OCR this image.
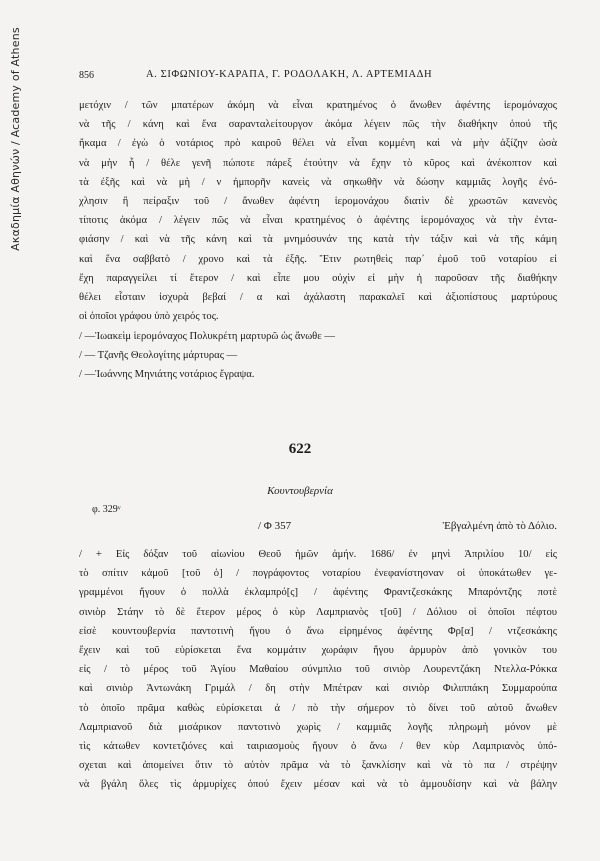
Ακαδημία Αθηνών / Academy of Athens	856	Α. ΣΙΦΩΝΙΟΥ-ΚΑΡΑΠΑ, Γ. ΡΟΔΟΛΑΚΗ, Λ. ΑΡΤΕΜΙΑΔΗ
μετόχιν / τῶν μπατέρων ἀκόμη νὰ εἶναι κρατημένος ὁ ἄνωθεν ἀφέντης ἱερομόναχος
νὰ τῆς / κάνη καὶ ἕνα σαρανταλείτουργον ἀκόμα λέγειν πῶς τὴν διαθήκην ὁπού τῆς
ἤκαμα / ἐγὼ ὁ νοτάριος πρὸ καιροῦ θέλει νὰ εἶναι κομμένη καὶ νὰ μὴν ἀξίζην ὡσὰ
νὰ μὴν ἦ / θέλε γενῆ πώποτε πάρεξ ἐτούτην νὰ ἔχην τὸ κῦρος καὶ ἀνέκοπτον καὶ
τὰ ἐξῆς καὶ νὰ μὴ / ν ἠμπορῆν κανεὶς νὰ σηκωθῆν νὰ δώσην καμμιᾶς λογῆς ἐνό-
χλησιν ἢ πείραξιν τοῦ / ἄνωθεν ἀφέντη ἱερομονάχου διατὶν δὲ χρωστῶν κανενὸς
τίποτις ἀκόμα / λέγειν πῶς νὰ εἶναι κρατημένος ὁ ἀφέντης ἱερομόναχος νὰ τὴν ἐντα-
φιάσην / καὶ νὰ τῆς κάνη καὶ τὰ μνημόσυνάν της κατὰ τὴν τάξιν καὶ νὰ τῆς κάμη
καὶ ἕνα σαββατὸ / χρονο καὶ τὰ ἐξῆς. Ἔτιν ρωτηθεὶς παρ᾽ ἐμοῦ τοῦ νοταρίου εἰ
ἔχη παραγγείλει τί ἕτερον / καὶ εἶπε μου οὐχὶν εἰ μὴν ἡ παροῦσαν τῆς διαθήκην
θέλει εἶσταιν ἰσχυρὰ βεβαί / α καὶ ἀχάλαστη παρακαλεῖ καὶ ἀξιοπίστους μαρτύρους
οἱ ὁποῖοι γράφου ὑπὸ χειρός τος.
/ —Ἰωακεὶμ ἱερομόναχος Πολυκρέτη μαρτυρῶ ὡς ἄνωθε —
/ — Τζανῆς Θεολογίτης μάρτυρας —
/ —Ἰωάννης Μηνιάτης νοτάριος ἔγραψα.
622
Κουντουβερνία
φ. 329ᵛ
/ Φ 357	Ἐβγαλμένη ἀπὸ τὸ Δόλιο.
/ + Εἰς δόξαν τοῦ αἰωνίου Θεοῦ ἡμῶν ἀμήν. 1686/ ἐν μηνὶ Ἀπριλίου 10/ εἰς
τὸ σπίτιν κἀμοῦ [τοῦ ὁ] / πογράφοντος νοταρίου ἐνεφανίστησναν οἱ ὑποκάτωθεν γε-
γραμμένοι ἤγουν ὁ πολλὰ ἐκλαμπρό[ς] / ἀφέντης Φραντζεσκάκης Μπαρόντζης ποτὲ
σινιὸρ Στάην τὸ δὲ ἕτερον μέρος ὁ κὺρ Λαμπριανὸς τ[οῦ] / Δόλιου οἱ ὁποῖοι πέφτου
εἰσὲ κουντουβερνία παντοτινὴ ἤγου ὁ ἄνω εἰρημένος ἀφέντης Φρ[α] / ντζεσκάκης
ἔχειν καὶ τοῦ εὑρίσκεται ἕνα κομμάτιν χωράφιν ἤγου ἁρμυρὸν ἀπὸ γονικὸν του
εἰς / τὸ μέρος τοῦ Ἁγίου Μαθαίου σύνμπλιο τοῦ σινιὸρ Λουρεντζάκη Ντελλα-Ρόκκα
καὶ σινιὸρ Ἀντωνάκη Γριμάλ / δη στὴν Μπέτραν καὶ σινιὸρ Φιλιππάκη Συμμαρούπα
τὸ ὁποῖο πρᾶμα καθὼς εὑρίσκεται ἀ / πὸ τὴν σήμερον τὸ δίνει τοῦ αὐτοῦ ἄνωθεν
Λαμπριανοῦ διὰ μισάρικον παντοτινὸ χωρὶς / καμμιᾶς λογῆς πληρωμὴ μόνον μὲ
τὶς κάτωθεν κοντετζιόνες καὶ ταιριασμοὺς ἤγουν ὁ ἄνω / θεν κὺρ Λαμπριανὸς ὑπό-
σχεται καὶ ἀπομείνει ὅτιν τὸ αὐτὸν πρᾶμα νὰ τὸ ξανκλίσην καὶ νὰ τὸ πα / στρέψην
νὰ βγάλη ὅλες τὶς ἁρμυρίχες ὁπού ἔχειν μέσαν καὶ νὰ τὸ ἀμμουδίσην καὶ νὰ βάλην
